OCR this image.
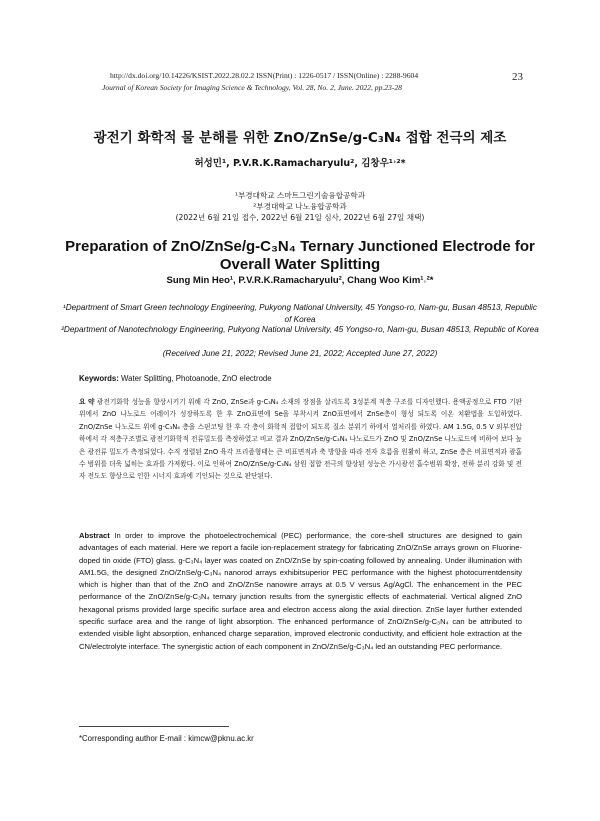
http://dx.doi.org/10.14226/KSIST.2022.28.02.2 ISSN(Print) : 1226-0517 / ISSN(Online) : 2288-9604
Journal of Korean Society for Imaging Science & Technology, Vol. 28, No. 2, June. 2022, pp.23-28
23
광전기 화학적 물 분해를 위한 ZnO/ZnSe/g-C₃N₄ 접합 전극의 제조
허성민¹, P.V.R.K.Ramacharyulu², 김창우¹˒²*
¹부경대학교 스마트그린기술융합공학과
²부경대학교 나노융합공학과
(2022년 6월 21일 접수, 2022년 6월 21일 심사, 2022년 6월 27일 채택)
Preparation of ZnO/ZnSe/g-C₃N₄ Ternary Junctioned Electrode for
Overall Water Splitting
Sung Min Heo¹, P.V.R.K.Ramacharyulu², Chang Woo Kim¹˒²*
¹Department of Smart Green technology Engineering, Pukyong National University, 45 Yongso-ro, Nam-gu, Busan 48513, Republic of Korea
²Department of Nanotechnology Engineering, Pukyong National University, 45 Yongso-ro, Nam-gu, Busan 48513, Republic of Korea
(Received June 21, 2022; Revised June 21, 2022; Accepted June 27, 2022)
Keywords: Water Splitting, Photoanode, ZnO electrode
요 약 광전기화학 성능을 향상시키기 위해 각 ZnO, ZnSe과 g-C₃N₄ 소재의 장점을 살리도록 3성분계 적층 구조를 디자인했다. 용액공정으로 FTO 기판위에서 ZnO 나노로드 어레이가 성장하도록 한 후 ZnO표면에 Se을 부착시켜 ZnO표면에서 ZnSe층이 형성 되도록 이온 치환법을 도입하였다. ZnO/ZnSe 나노로드 위에 g-C₃N₄ 층을 스핀코팅 한 후 각 층이 화학적 접합이 되도록 질소 분위기 하에서 열처리를 하였다. AM 1.5G, 0.5 V 외부전압하에서 각 적층구조별로 광전기화학적 전류밀도를 측정하였고 비교 결과 ZnO/ZnSe/g-C₃N₄ 나노로드가 ZnO 및 ZnO/ZnSe 나노로드에 비하여 보다 높은 광전류 밀도가 측정되었다. 수직 정렬된 ZnO 육각 프리즘형태는 큰 비표면적과 축 방향을 따라 전자 흐름을 원활히 하고, ZnSe 층은 비표면적과 광흡수 범위를 더욱 넓히는 효과를 가져왔다. 이로 인하여 ZnO/ZnSe/g-C₃N₄ 삼원 접합 전극의 향상된 성능은 가시광선 흡수범위 확장, 전하 분리 강화 및 전자 전도도 향상으로 인한 시너지 효과에 기인되는 것으로 판단된다.
Abstract In order to improve the photoelectrochemical (PEC) performance, the core-shell structures are designed to gain advantages of each material. Here we report a facile ion-replacement strategy for fabricating ZnO/ZnSe arrays grown on Fluorine-doped tin oxide (FTO) glass. g-C₃N₄ layer was coated on ZnO/ZnSe by spin-coating followed by annealing. Under illumination with AM1.5G, the designed ZnO/ZnSe/g-C₃N₄ nanorod arrays exhibitsuperior PEC performance with the highest photocurrentdensity which is higher than that of the ZnO and ZnO/ZnSe nanowire arrays at 0.5 V versus Ag/AgCl. The enhancement in the PEC performance of the ZnO/ZnSe/g-C₃N₄ ternary junction results from the synergistic effects of eachmaterial. Vertical aligned ZnO hexagonal prisms provided large specific surface area and electron access along the axial direction. ZnSe layer further extended specific surface area and the range of light absorption. The enhanced performance of ZnO/ZnSe/g-C₃N₄ can be attributed to extended visible light absorption, enhanced charge separation, improved electronic conductivity, and efficient hole extraction at the CN/electrolyte interface. The synergistic action of each component in ZnO/ZnSe/g-C₃N₄ led an outstanding PEC performance.
*Corresponding author E-mail : kimcw@pknu.ac.kr
